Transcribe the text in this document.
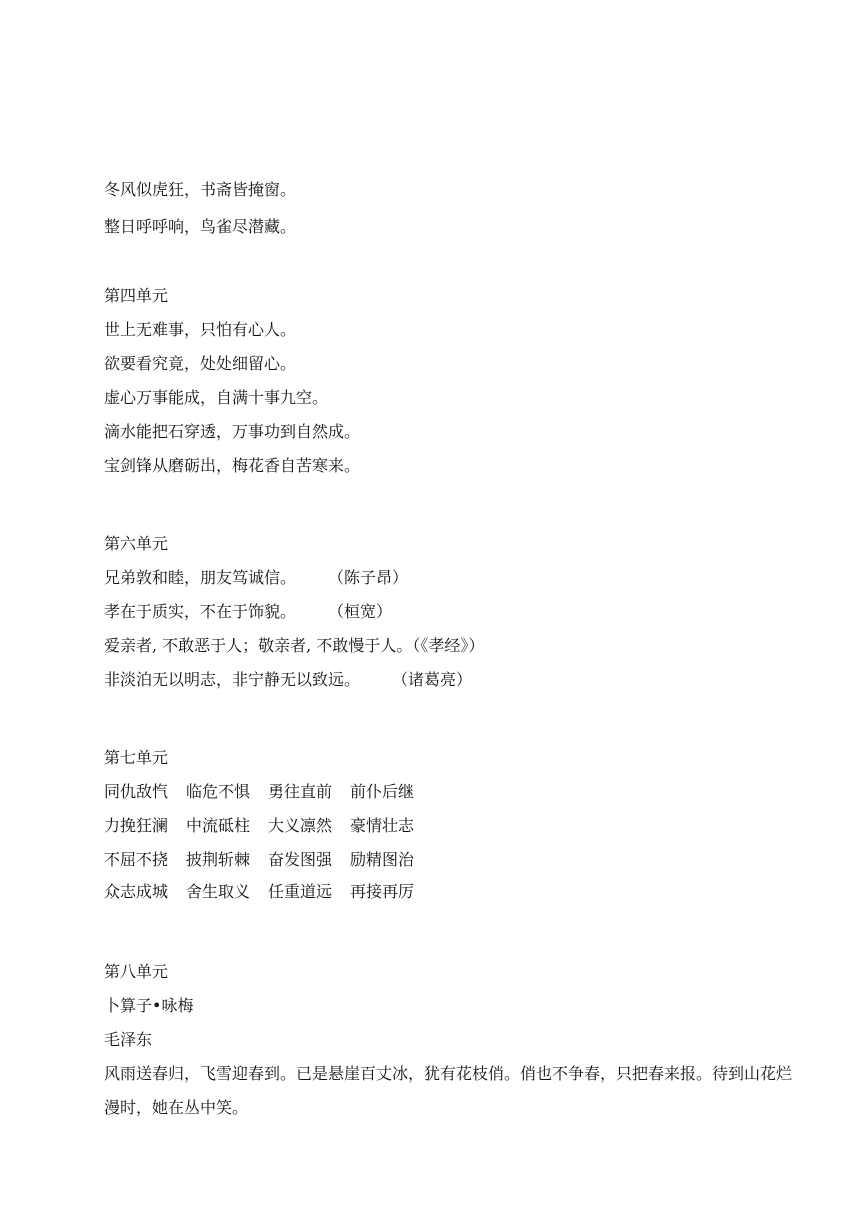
冬风似虎狂，书斋皆掩窗。
整日呼呼响，鸟雀尽潜藏。
第四单元
世上无难事，只怕有心人。
欲要看究竟，处处细留心。
虚心万事能成，自满十事九空。
滴水能把石穿透，万事功到自然成。
宝剑锋从磨砺出，梅花香自苦寒来。
第六单元
兄弟敦和睦，朋友笃诚信。 （陈子昂）
孝在于质实，不在于饰貌。 （桓宽）
爱亲者, 不敢恶于人；敬亲者, 不敢慢于人。（《孝经》）
非淡泊无以明志，非宁静无以致远。 （诸葛亮）
第七单元
同仇敌忾 临危不惧 勇往直前 前仆后继
力挽狂澜 中流砥柱 大义凛然 豪情壮志
不屈不挠 披荆斩棘 奋发图强 励精图治
众志成城 舍生取义 任重道远 再接再厉
第八单元
卜算子•咏梅
毛泽东
风雨送春归，飞雪迎春到。已是悬崖百丈冰，犹有花枝俏。俏也不争春，只把春来报。待到山花烂漫时，她在丛中笑。
